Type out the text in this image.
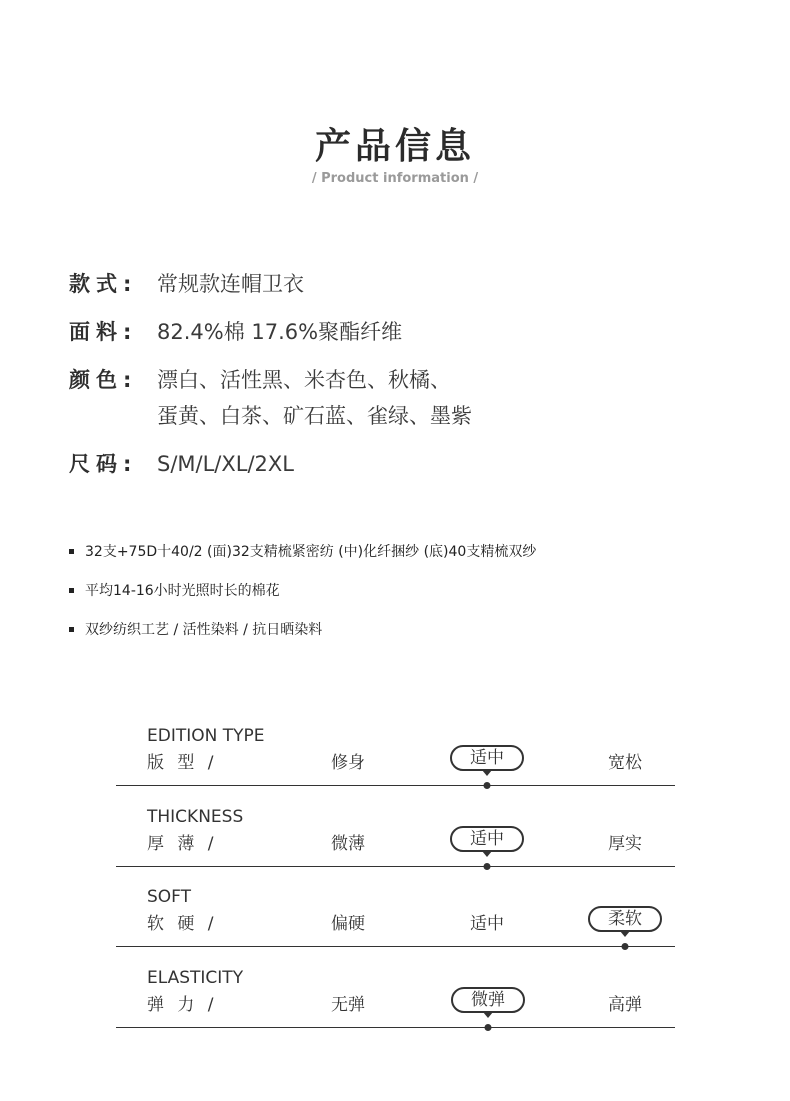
产品信息
/ Product information /
款式: 常规款连帽卫衣
面料: 82.4%棉 17.6%聚酯纤维
颜色: 漂白、活性黑、米杏色、秋橘、
蛋黄、白茶、矿石蓝、雀绿、墨紫
尺码: S/M/L/XL/2XL
32支+75D十40/2 (面)32支精梳紧密纺 (中)化纤捆纱 (底)40支精梳双纱
平均14-16小时光照时长的棉花
双纱纺织工艺 / 活性染料 / 抗日晒染料
EDITION TYPE
版 型 /	修身	适中	宽松
THICKNESS
厚 薄 /	微薄	适中	厚实
SOFT
软 硬 /	偏硬	适中	柔软
ELASTICITY
弹 力 /	无弹	微弹	高弹
